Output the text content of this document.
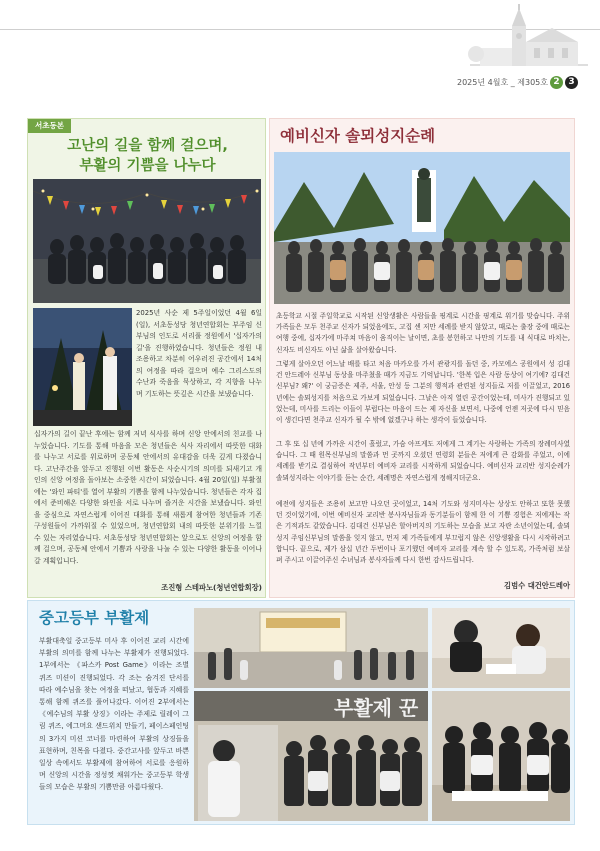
2025년 4월호 _ 제305호 2 3
서초동본
고난의 길을 함께 걸으며,
부활의 기쁨을 나누다
2025년 사순 제 5주일이었던 4월 6일(일), 서초동성당 청년연합회는 부주임 신부님의 인도로 서리풀 정원에서 '십자가의 길'을 진행하였습니다. 청년들은 정원 내 조용하고 차분히 어우러진 공간에서 14처의 여정을 따라 걸으며 예수 그리스도의 수난과 죽음을 묵상하고, 각 지향을 나누며 기도하는 뜻깊은 시간을 보냈습니다.
십자가의 길이 끝난 후에는 함께 저녁 식사를 하며 신앙 안에서의 친교를 나누었습니다. 기도를 통해 마음을 모은 청년들은 식사 자리에서 따뜻한 대화를 나누고 서로를 위로하며 공동체 안에서의 유대감을 더욱 깊게 다졌습니다. 고난주간을 앞두고 진행된 이번 활동은 사순시기의 의미를 되새기고 개인의 신앙 여정을 돌아보는 소중한 시간이 되었습니다. 4월 20일(일) 부활절에는 '와인 파티'를 열어 부활의 기쁨을 함께 나누었습니다. 청년들은 각자 집에서 준비해온 다양한 와인을 서로 나누며 즐거운 시간을 보냈습니다. 와인을 중심으로 자연스럽게 이어진 대화를 통해 새롭게 참여한 청년들과 기존 구성원들이 가까워질 수 있었으며, 청년연합회 내의 따뜻한 분위기를 느낄 수 있는 자리였습니다. 서초동성당 청년연합회는 앞으로도 신앙의 여정을 함께 걸으며, 공동체 안에서 기쁨과 사랑을 나눌 수 있는 다양한 활동을 이어나갈 계획입니다.
조진형 스테파노(청년연합회장)
예비신자 솔뫼성지순례
초등학교 시절 주일학교로 시작된 신앙생활은 사람들을 핑계로 시간을 핑계로 위기를 맞습니다. 주위 가족들은 모두 천주교 신자가 되었음에도, 고집 센 저만 세례를 받지 않았고, 때로는 출장 중에 때로는 여행 중에, 십자가에 마주쳐 마음이 움직이는 날이면, 초를 봉헌하고 나만의 기도를 내 식대로 바치는, 신자도 비신자도 아닌 삶을 살아왔습니다.
그렇게 살아오던 어느날 배를 타고 처음 마카오를 가서 관광지를 돌던 중, 카모에스 공원에서 성 김대건 안드레아 신부님 동상을 마주쳤을 때가 지금도 기억납니다. '한복 입은 사람 동상이 여기에? 김대건 신부님? 왜?' 이 궁금증은 제주, 서울, 안성 등 그분의 행적과 관련된 성지들로 저를 이끌었고, 2016년에는 솔뫼성지를 처음으로 가보게 되었습니다. 그날은 아직 열린 공간이었는데, 미사가 진행되고 있었는데, 미사를 드리는 이들이 부럽다는 마음이 드는 제 자신을 보면서, 나중에 언젠 저곳에 다시 믿음이 생긴다면 천주교 신자가 될 수 밖에 없겠구나 하는 생각이 들었습니다.
그 후 또 십 년에 가까운 시간이 흘렀고, 가슴 아프게도 저에게 그 계기는 사랑하는 가족의 장례미사였습니다. 그 때 원목신부님의 말씀과 먼 곳까지 오셨던 연령회 분들은 저에게 큰 감화를 주었고, 이에 세례를 받기로 결심하여 작년부터 예비자 교리를 시작하게 되었습니다. 예비신자 교리반 성지순례가 솔뫼성지라는 이야기를 듣는 순간, 세례명은 자연스럽게 정해지더군요.
예전에 성지들은 조용히 보고만 나오던 곳이었고, 14처 기도와 성지미사는 상상도 안하고 또한 못했던 것이었기에, 이번 예비신자 교리반 봉사자님들과 동기분들이 함께 한 이 기쁨 경험은 저에게는 작은 기적과도 같았습니다. 김대건 신부님은 할아버지의 기도하는 모습을 보고 자란 소년이었는데, 솔뫼성지 주임신부님의 말씀을 잊지 않고, 먼저 제 가족들에게 부끄럽지 않은 신앙생활을 다시 시작하려고 합니다. 끝으로, 제가 삼십 년간 두번이나 포기했던 예비자 교리를 계속 할 수 있도록, 가족처럼 보살펴 주시고 이끌어주신 수녀님과 봉사자들께 다시 한번 감사드립니다.
김범수 대건안드레아
중고등부 부활제
부활대축일 중고등부 미사 후 이어진 교리 시간에 부활의 의미를 함께 나누는 부활제가 진행되었다. 1부에서는 《파스카 Post Game》이라는 조별 퀴즈 미션이 진행되었다. 각 조는 숨겨진 단서를 따라 예수님을 찾는 여정을 떠났고, 협동과 지혜를 통해 함께 퀴즈를 풀어나갔다. 이어진 2부에서는 《예수님의 부활 상징》이라는 주제로 릴레이 그림 퀴즈, 에그머요 샌드위치 만들기, 페이스페인팅의 3가지 미션 코너를 마련하여 부활의 상징들을 표현하며, 친목을 다졌다. 중간고사를 앞두고 바쁜 일상 속에서도 부활제에 참여하여 서로를 응원하며 신앙의 시간을 정성껏 채워가는 중고등부 학생들의 모습은 부활의 기쁨만큼 아름다웠다.
부활제 꾼
